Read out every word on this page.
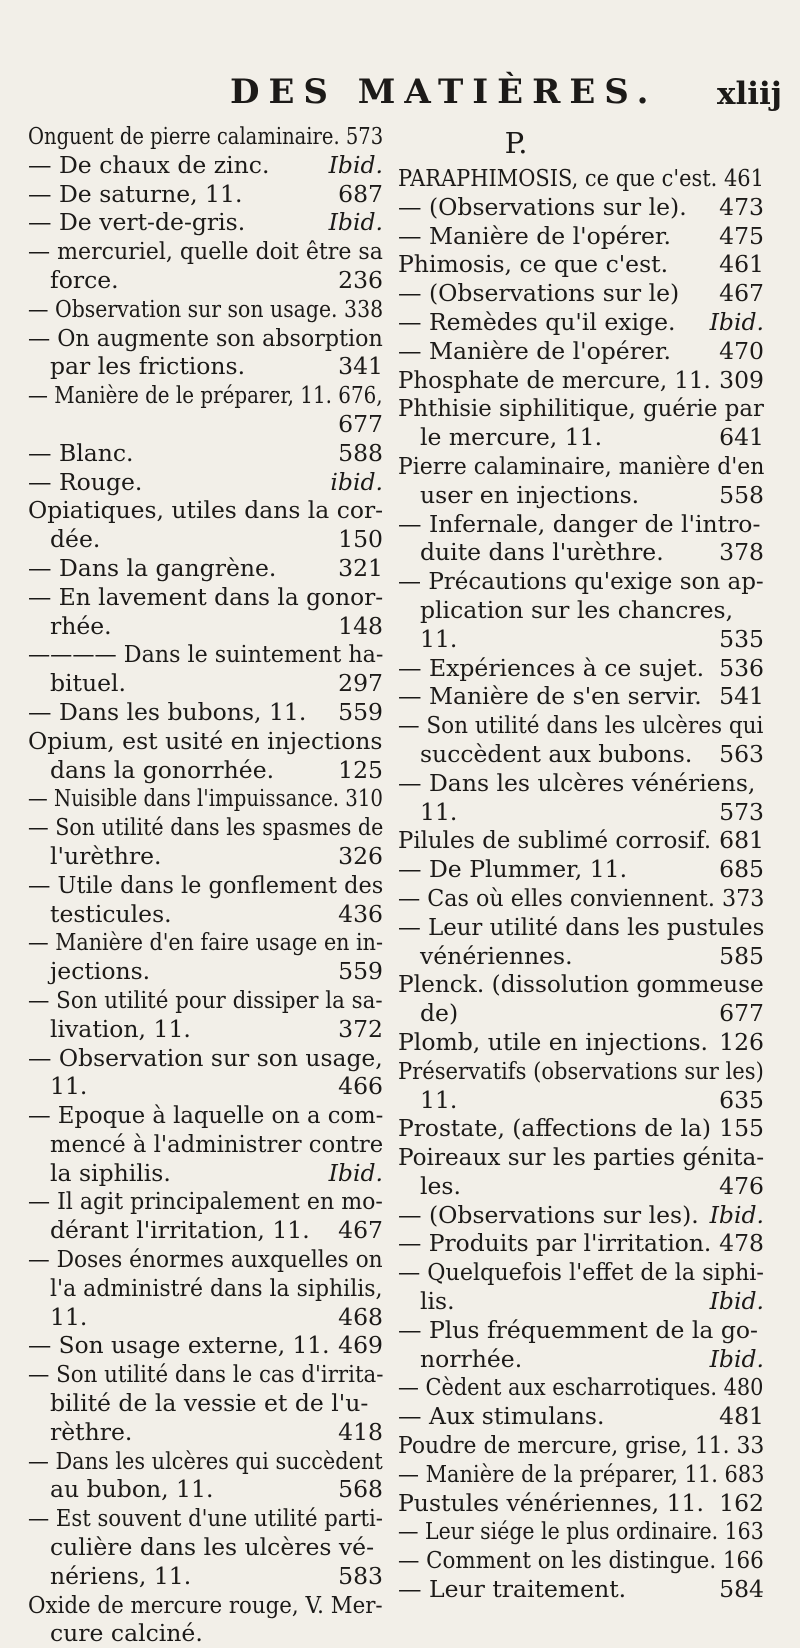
DES MATIÈRES. xliij
Onguent de pierre calaminaire. 573
— De chaux de zinc.	Ibid.
— De saturne, 11.	687
— De vert-de-gris.	Ibid.
— mercuriel, quelle doit être sa
force.	236
— Observation sur son usage. 338
— On augmente son absorption
par les frictions.	341
— Manière de le préparer, 11. 676,
677
— Blanc.	588
— Rouge.	ibid.
Opiatiques, utiles dans la cor-
dée.	150
— Dans la gangrène.	321
— En lavement dans la gonor-
rhée.	148
———— Dans le suintement ha-
bituel.	297
— Dans les bubons, 11. 559
Opium, est usité en injections
dans la gonorrhée.	125
— Nuisible dans l'impuissance. 310
— Son utilité dans les spasmes de
l'urèthre.	326
— Utile dans le gonflement des
testicules.	436
— Manière d'en faire usage en in-
jections.	559
— Son utilité pour dissiper la sa-
livation, 11.	372
— Observation sur son usage,
11.	466
— Epoque à laquelle on a com-
mencé à l'administrer contre
la siphilis.	Ibid.
— Il agit principalement en mo-
dérant l'irritation, 11. 467
— Doses énormes auxquelles on
l'a administré dans la siphilis,
11.	468
— Son usage externe, 11. 469
— Son utilité dans le cas d'irrita-
bilité de la vessie et de l'u-
rèthre.	418
— Dans les ulcères qui succèdent
au bubon, 11.	568
— Est souvent d'une utilité parti-
culière dans les ulcères vé-
nériens, 11.	583
Oxide de mercure rouge, V. Mer-
cure calciné.
P.
PARAPHIMOSIS, ce que c'est. 461
— (Observations sur le). 473
— Manière de l'opérer. 475
Phimosis, ce que c'est. 461
— (Observations sur le) 467
— Remèdes qu'il exige. Ibid.
— Manière de l'opérer. 470
Phosphate de mercure, 11. 309
Phthisie siphilitique, guérie par
le mercure, 11.	641
Pierre calaminaire, manière d'en
user en injections.	558
— Infernale, danger de l'intro-
duite dans l'urèthre. 378
— Précautions qu'exige son ap-
plication sur les chancres,
11.	535
— Expériences à ce sujet. 536
— Manière de s'en servir. 541
— Son utilité dans les ulcères qui
succèdent aux bubons. 563
— Dans les ulcères vénériens,
11.	573
Pilules de sublimé corrosif. 681
— De Plummer, 11.	685
— Cas où elles conviennent. 373
— Leur utilité dans les pustules
vénériennes.	585
Plenck. (dissolution gommeuse
de)	677
Plomb, utile en injections. 126
Préservatifs (observations sur les)
11.	635
Prostate, (affections de la) 155
Poireaux sur les parties génita-
les.	476
— (Observations sur les). Ibid.
— Produits par l'irritation. 478
— Quelquefois l'effet de la siphi-
lis.	Ibid.
— Plus fréquemment de la go-
norrhée.	Ibid.
— Cèdent aux escharrotiques. 480
— Aux stimulans.	481
Poudre de mercure, grise, 11. 33
— Manière de la préparer, 11. 683
Pustules vénériennes, 11. 162
— Leur siége le plus ordinaire. 163
— Comment on les distingue. 166
— Leur traitement.	584
